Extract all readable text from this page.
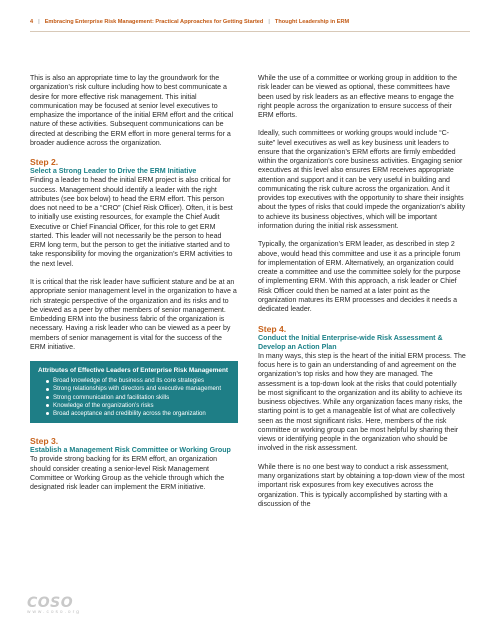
4 | Embracing Enterprise Risk Management: Practical Approaches for Getting Started | Thought Leadership in ERM

This is also an appropriate time to lay the groundwork for the organization’s risk culture including how to best communicate a desire for more effective risk management. This initial communication may be focused at senior level executives to emphasize the importance of the initial ERM effort and the critical nature of these activities. Subsequent communications can be directed at describing the ERM effort in more general terms for a broader audience across the organization.

Step 2.
Select a Strong Leader to Drive the ERM Initiative

Finding a leader to head the initial ERM project is also critical for success. Management should identify a leader with the right attributes (see box below) to head the ERM effort. This person does not need to be a “CRO” (Chief Risk Officer). Often, it is best to initially use existing resources, for example the Chief Audit Executive or Chief Financial Officer, for this role to get ERM started. This leader will not necessarily be the person to head ERM long term, but the person to get the initiative started and to take responsibility for moving the organization’s ERM activities to the next level.

It is critical that the risk leader have sufficient stature and be at an appropriate senior management level in the organization to have a rich strategic perspective of the organization and its risks and to be viewed as a peer by other members of senior management. Embedding ERM into the business fabric of the organization is necessary. Having a risk leader who can be viewed as a peer by members of senior management is vital for the success of the ERM initiative.

Attributes of Effective Leaders of Enterprise Risk Management
Broad knowledge of the business and its core strategies
Strong relationships with directors and executive management
Strong communication and facilitation skills
Knowledge of the organization’s risks
Broad acceptance and credibility across the organization
Step 3.
Establish a Management Risk Committee or Working Group

To provide strong backing for its ERM effort, an organization should consider creating a senior-level Risk Management Committee or Working Group as the vehicle through which the designated risk leader can implement the ERM initiative.

While the use of a committee or working group in addition to the risk leader can be viewed as optional, these committees have been used by risk leaders as an effective means to engage the right people across the organization to ensure success of their ERM efforts.

Ideally, such committees or working groups would include “C-suite” level executives as well as key business unit leaders to ensure that the organization’s ERM efforts are firmly embedded within the organization’s core business activities. Engaging senior executives at this level also ensures ERM receives appropriate attention and support and it can be very useful in building and communicating the risk culture across the organization. And it provides top executives with the opportunity to share their insights about the types of risks that could impede the organization’s ability to achieve its business objectives, which will be important information during the initial risk assessment.

Typically, the organization’s ERM leader, as described in step 2 above, would head this committee and use it as a principle forum for implementation of ERM. Alternatively, an organization could create a committee and use the committee solely for the purpose of implementing ERM. With this approach, a risk leader or Chief Risk Officer could then be named at a later point as the organization matures its ERM processes and decides it needs a dedicated leader.

Step 4.
Conduct the Initial Enterprise-wide Risk Assessment & Develop an Action Plan

In many ways, this step is the heart of the initial ERM process. The focus here is to gain an understanding of and agreement on the organization’s top risks and how they are managed. The assessment is a top-down look at the risks that could potentially be most significant to the organization and its ability to achieve its business objectives. While any organization faces many risks, the starting point is to get a manageable list of what are collectively seen as the most significant risks. Here, members of the risk committee or working group can be most helpful by sharing their views or identifying people in the organization who should be involved in the risk assessment.

While there is no one best way to conduct a risk assessment, many organizations start by obtaining a top-down view of the most important risk exposures from key executives across the organization. This is typically accomplished by starting with a discussion of the

COSO
www.coso.org
